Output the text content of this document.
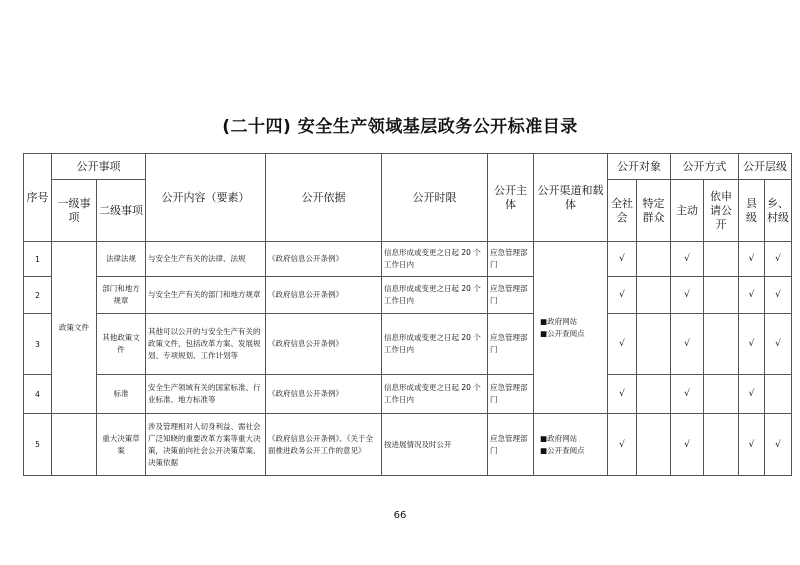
(二十四) 安全生产领域基层政务公开标准目录
序号	公开事项		公开内容（要素）	公开依据	公开时限	公开主体	公开渠道和载体	公开对象		公开方式		公开层级	
	一级事项	二级事项						全社会	特定群众	主动	依申请公开	县级	乡、村级
1	政策文件	法律法规	与安全生产有关的法律、法规	《政府信息公开条例》	信息形成或变更之日起 20 个工作日内	应急管理部门	■政府网站
■公开查阅点	√		√		√	√
2		部门和地方规章	与安全生产有关的部门和地方规章	《政府信息公开条例》	信息形成或变更之日起 20 个工作日内	应急管理部门		√		√		√	√
3		其他政策文件	其他可以公开的与安全生产有关的政策文件，包括改革方案、发展规划、专项规划、工作计划等	《政府信息公开条例》	信息形成或变更之日起 20 个工作日内	应急管理部门		√		√		√	√
4		标准	安全生产领域有关的国家标准、行业标准、地方标准等	《政府信息公开条例》	信息形成或变更之日起 20 个工作日内	应急管理部门		√		√		√	
5		重大决策草案	涉及管理相对人切身利益、需社会广泛知晓的重要改革方案等重大决策，决策前向社会公开决策草案、决策依据	《政府信息公开条例》、《关于全面推进政务公开工作的意见》	按进展情况及时公开	应急管理部门	■政府网站
■公开查阅点	√		√		√	√
66
